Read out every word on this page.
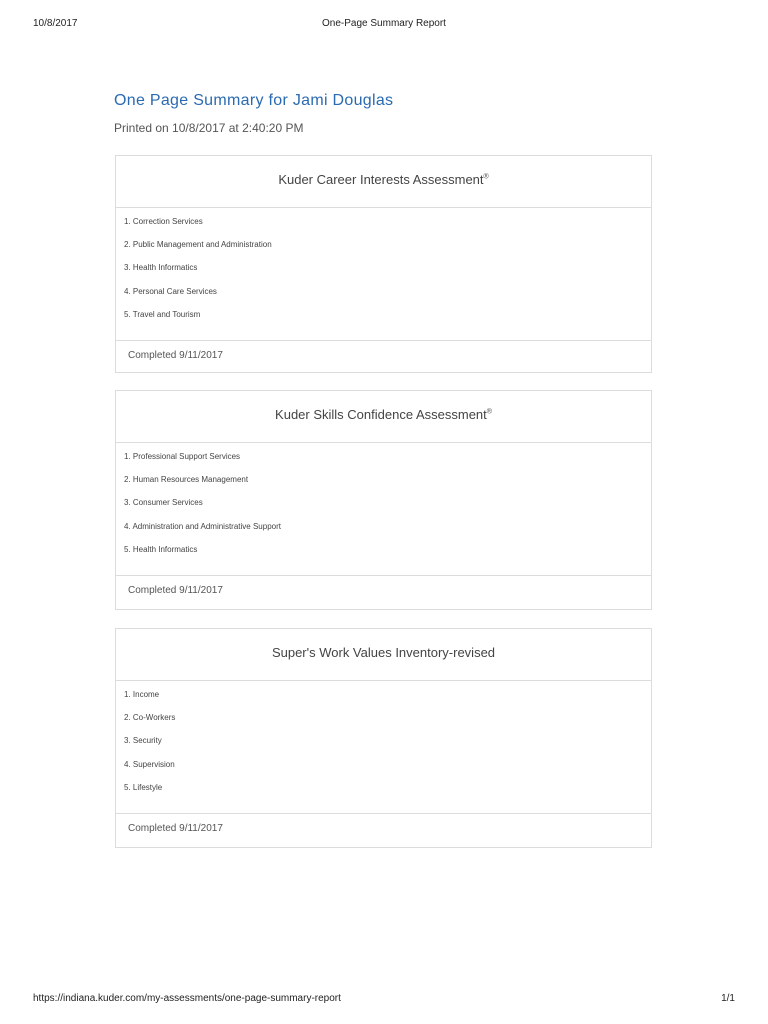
10/8/2017	One-Page Summary Report
One Page Summary for Jami Douglas
Printed on 10/8/2017 at 2:40:20 PM
Kuder Career Interests Assessment®
1. Correction Services
2. Public Management and Administration
3. Health Informatics
4. Personal Care Services
5. Travel and Tourism
Completed 9/11/2017
Kuder Skills Confidence Assessment®
1. Professional Support Services
2. Human Resources Management
3. Consumer Services
4. Administration and Administrative Support
5. Health Informatics
Completed 9/11/2017
Super's Work Values Inventory-revised
1. Income
2. Co-Workers
3. Security
4. Supervision
5. Lifestyle
Completed 9/11/2017
https://indiana.kuder.com/my-assessments/one-page-summary-report	1/1
